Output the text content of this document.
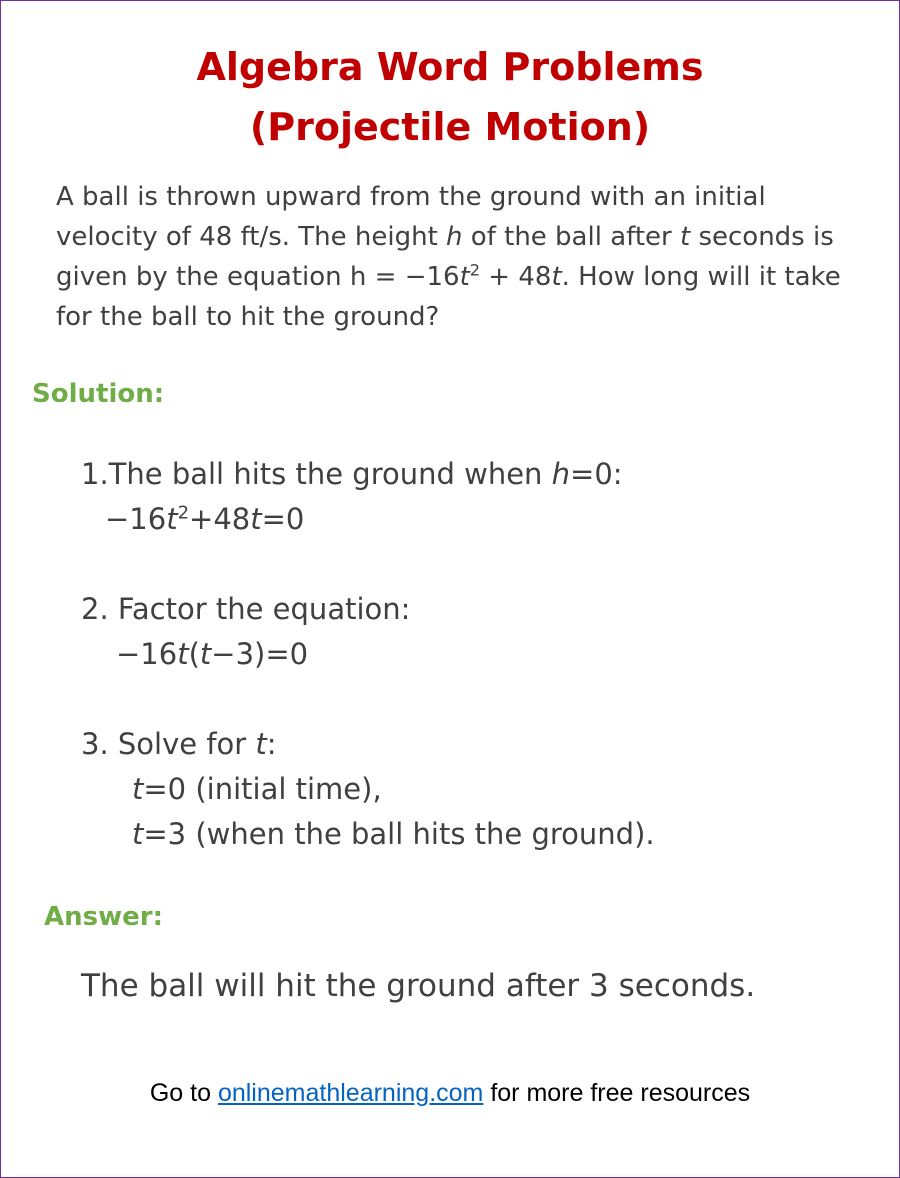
Algebra Word Problems
(Projectile Motion)
A ball is thrown upward from the ground with an initial velocity of 48 ft/s. The height h of the ball after t seconds is given by the equation $h = -16t^2 + 48t$. How long will it take for the ball to hit the ground?
Solution:
1.The ball hits the ground when h=0:
$-16t^2+48t=0$
2. Factor the equation:
−16t(t−3)=0
3. Solve for t:
t=0 (initial time),
t=3 (when the ball hits the ground).
Answer:
The ball will hit the ground after 3 seconds.
Go to onlinemathlearning.com for more free resources
